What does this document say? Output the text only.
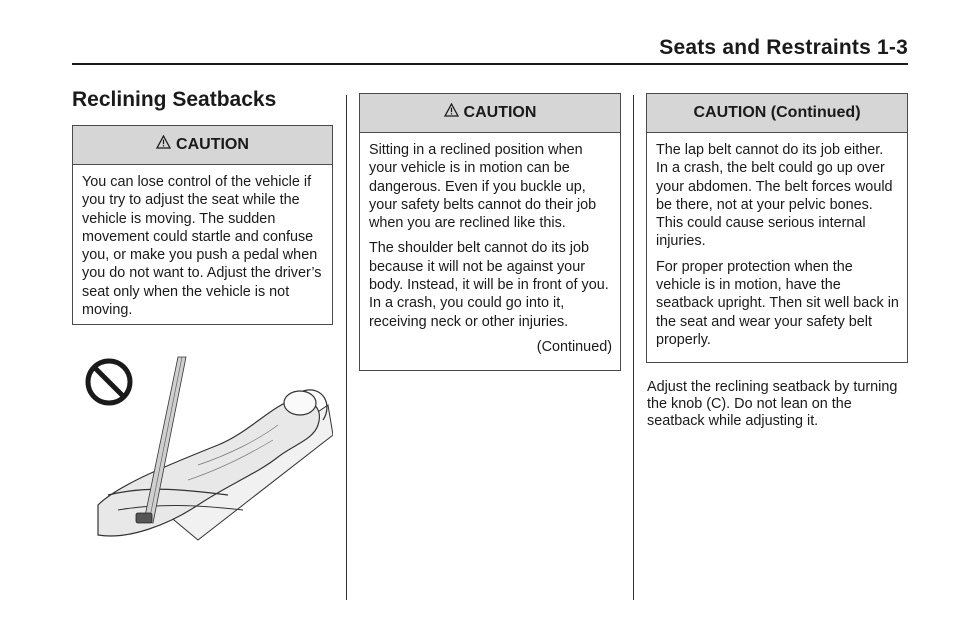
Seats and Restraints 1-3
Reclining Seatbacks
CAUTION

You can lose control of the vehicle if you try to adjust the seat while the vehicle is moving. The sudden movement could startle and confuse you, or make you push a pedal when you do not want to. Adjust the driver’s seat only when the vehicle is not moving.

CAUTION

Sitting in a reclined position when your vehicle is in motion can be dangerous. Even if you buckle up, your safety belts cannot do their job when you are reclined like this.

The shoulder belt cannot do its job because it will not be against your body. Instead, it will be in front of you. In a crash, you could go into it, receiving neck or other injuries.

(Continued)
CAUTION (Continued)

The lap belt cannot do its job either. In a crash, the belt could go up over your abdomen. The belt forces would be there, not at your pelvic bones. This could cause serious internal injuries.

For proper protection when the vehicle is in motion, have the seatback upright. Then sit well back in the seat and wear your safety belt properly.

Adjust the reclining seatback by turning the knob (C). Do not lean on the seatback while adjusting it.
